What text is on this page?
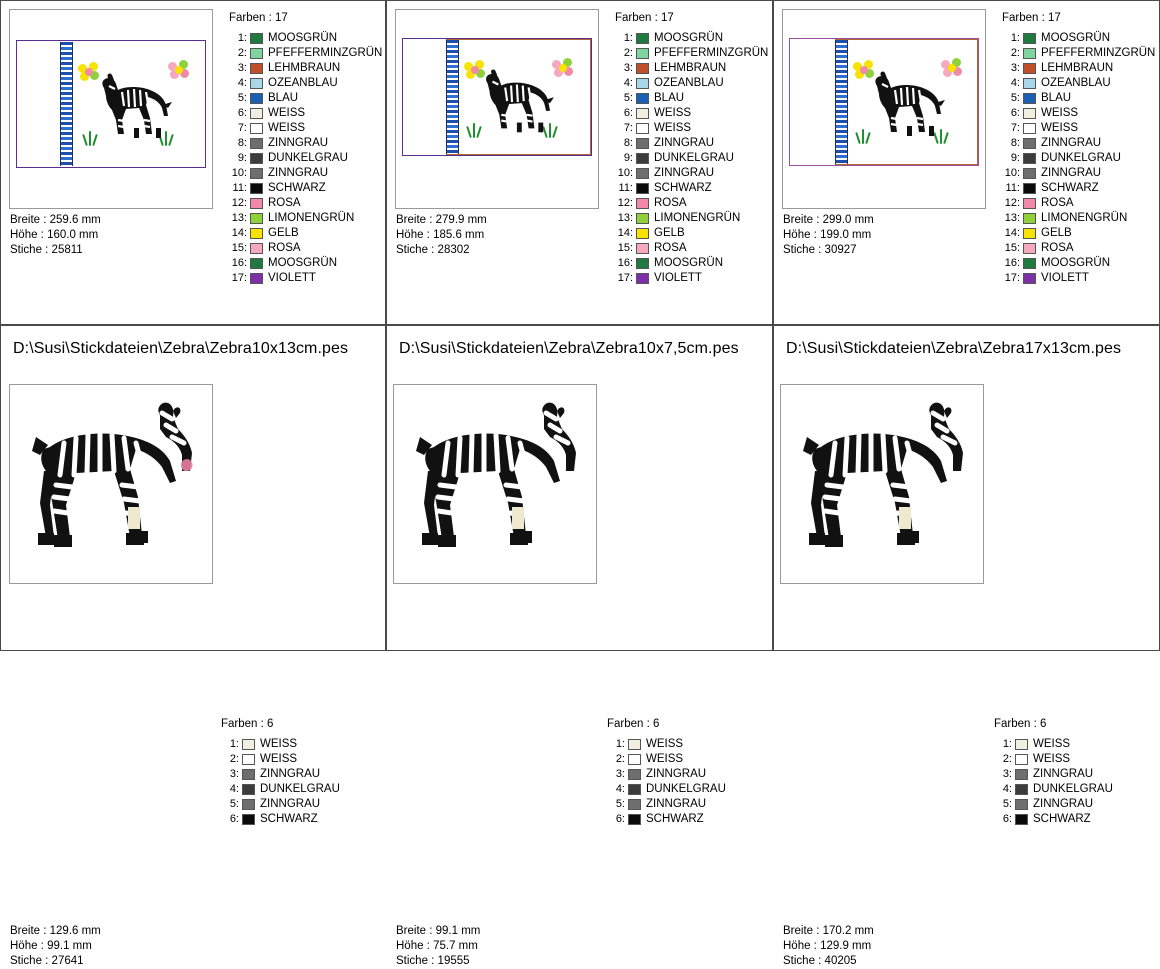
Breite : 259.6 mm
Höhe : 160.0 mm
Stiche : 25811
Farben : 17
1: MOOSGRÜN
2: PFEFFERMINZGRÜN
3: LEHMBRAUN
4: OZEANBLAU
5: BLAU
6: WEISS
7: WEISS
8: ZINNGRAU
9: DUNKELGRAU
10: ZINNGRAU
11: SCHWARZ
12: ROSA
13: LIMONENGRÜN
14: GELB
15: ROSA
16: MOOSGRÜN
17: VIOLETT
Breite : 279.9 mm
Höhe : 185.6 mm
Stiche : 28302
Farben : 17
1: MOOSGRÜN
2: PFEFFERMINZGRÜN
3: LEHMBRAUN
4: OZEANBLAU
5: BLAU
6: WEISS
7: WEISS
8: ZINNGRAU
9: DUNKELGRAU
10: ZINNGRAU
11: SCHWARZ
12: ROSA
13: LIMONENGRÜN
14: GELB
15: ROSA
16: MOOSGRÜN
17: VIOLETT
Breite : 299.0 mm
Höhe : 199.0 mm
Stiche : 30927
Farben : 17
1: MOOSGRÜN
2: PFEFFERMINZGRÜN
3: LEHMBRAUN
4: OZEANBLAU
5: BLAU
6: WEISS
7: WEISS
8: ZINNGRAU
9: DUNKELGRAU
10: ZINNGRAU
11: SCHWARZ
12: ROSA
13: LIMONENGRÜN
14: GELB
15: ROSA
16: MOOSGRÜN
17: VIOLETT
D:\Susi\Stickdateien\Zebra\Zebra10x13cm.pes
Breite : 129.6 mm
Höhe : 99.1 mm
Stiche : 27641
Farben : 6
1: WEISS
2: WEISS
3: ZINNGRAU
4: DUNKELGRAU
5: ZINNGRAU
6: SCHWARZ
D:\Susi\Stickdateien\Zebra\Zebra10x7,5cm.pes
Breite : 99.1 mm
Höhe : 75.7 mm
Stiche : 19555
Farben : 6
1: WEISS
2: WEISS
3: ZINNGRAU
4: DUNKELGRAU
5: ZINNGRAU
6: SCHWARZ
D:\Susi\Stickdateien\Zebra\Zebra17x13cm.pes
Breite : 170.2 mm
Höhe : 129.9 mm
Stiche : 40205
Farben : 6
1: WEISS
2: WEISS
3: ZINNGRAU
4: DUNKELGRAU
5: ZINNGRAU
6: SCHWARZ
